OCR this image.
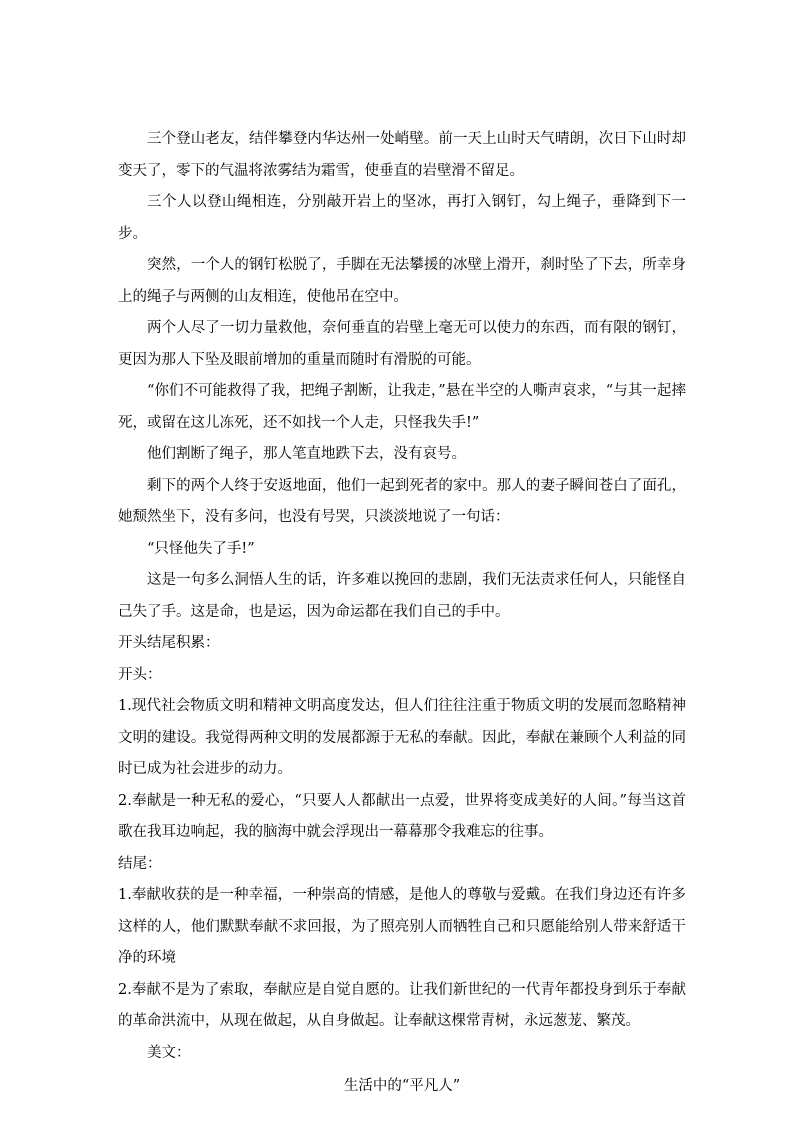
三个登山老友，结伴攀登内华达州一处峭壁。前一天上山时天气晴朗，次日下山时却变天了，零下的气温将浓雾结为霜雪，使垂直的岩壁滑不留足。

三个人以登山绳相连，分别敲开岩上的坚冰，再打入钢钉，勾上绳子，垂降到下一步。

突然，一个人的钢钉松脱了，手脚在无法攀援的冰壁上滑开，刹时坠了下去，所幸身上的绳子与两侧的山友相连，使他吊在空中。

两个人尽了一切力量救他，奈何垂直的岩壁上毫无可以使力的东西，而有限的钢钉，更因为那人下坠及眼前增加的重量而随时有滑脱的可能。

“你们不可能救得了我，把绳子割断，让我走，”悬在半空的人嘶声哀求，“与其一起摔死，或留在这儿冻死，还不如找一个人走，只怪我失手!”

他们割断了绳子，那人笔直地跌下去，没有哀号。

剩下的两个人终于安返地面，他们一起到死者的家中。那人的妻子瞬间苍白了面孔，她颓然坐下，没有多问，也没有号哭，只淡淡地说了一句话：

“只怪他失了手!”

这是一句多么洞悟人生的话，许多难以挽回的悲剧，我们无法责求任何人，只能怪自己失了手。这是命，也是运，因为命运都在我们自己的手中。

开头结尾积累：

开头：

1.现代社会物质文明和精神文明高度发达，但人们往往注重于物质文明的发展而忽略精神文明的建设。我觉得两种文明的发展都源于无私的奉献。因此，奉献在兼顾个人利益的同时已成为社会进步的动力。

2.奉献是一种无私的爱心，“只要人人都献出一点爱，世界将变成美好的人间。”每当这首歌在我耳边响起，我的脑海中就会浮现出一幕幕那令我难忘的往事。

结尾：

1.奉献收获的是一种幸福，一种崇高的情感，是他人的尊敬与爱戴。在我们身边还有许多这样的人，他们默默奉献不求回报，为了照亮别人而牺牲自己和只愿能给别人带来舒适干净的环境

2.奉献不是为了索取，奉献应是自觉自愿的。让我们新世纪的一代青年都投身到乐于奉献的革命洪流中，从现在做起，从自身做起。让奉献这棵常青树，永远葱茏、繁茂。

美文：

生活中的“平凡人”
